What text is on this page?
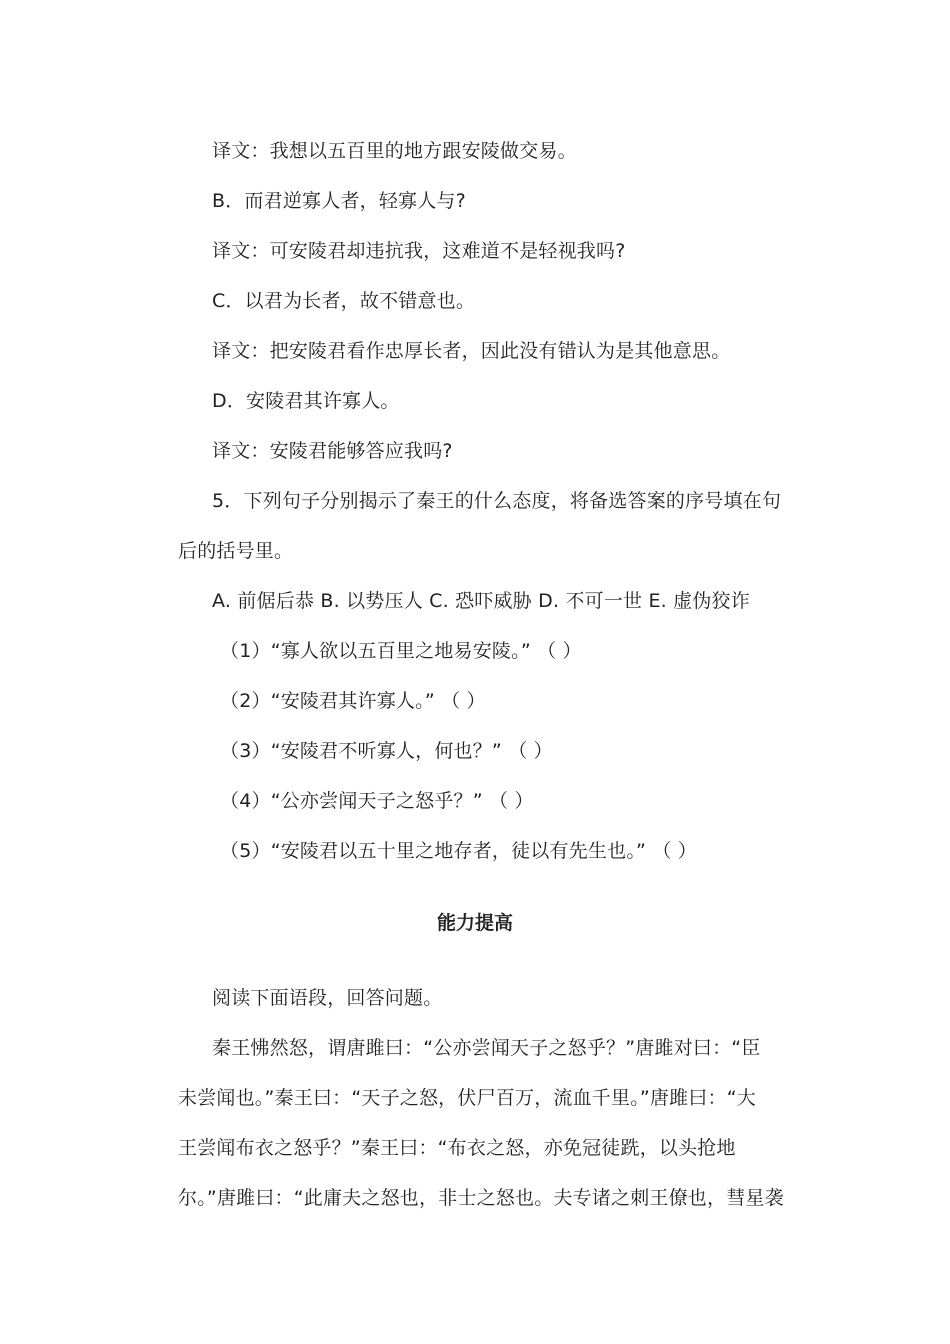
译文：我想以五百里的地方跟安陵做交易。
B．而君逆寡人者，轻寡人与?
译文：可安陵君却违抗我，这难道不是轻视我吗?
C．以君为长者，故不错意也。
译文：把安陵君看作忠厚长者，因此没有错认为是其他意思。
D．安陵君其许寡人。
译文：安陵君能够答应我吗?
5．下列句子分别揭示了秦王的什么态度，将备选答案的序号填在句
后的括号里。
A. 前倨后恭 B. 以势压人 C. 恐吓威胁 D. 不可一世 E. 虚伪狡诈
（1）“寡人欲以五百里之地易安陵。” （ ）
（2）“安陵君其许寡人。” （ ）
（3）“安陵君不听寡人，何也？” （ ）
（4）“公亦尝闻天子之怒乎？” （ ）
（5）“安陵君以五十里之地存者，徒以有先生也。” （ ）
能力提高
阅读下面语段，回答问题。
秦王怫然怒，谓唐雎曰：“公亦尝闻天子之怒乎？”唐雎对曰：“臣
未尝闻也。”秦王曰：“天子之怒，伏尸百万，流血千里。”唐雎曰：“大
王尝闻布衣之怒乎？”秦王曰：“布衣之怒，亦免冠徒跣，以头抢地
尔。”唐雎曰：“此庸夫之怒也，非士之怒也。夫专诸之刺王僚也，彗星袭
